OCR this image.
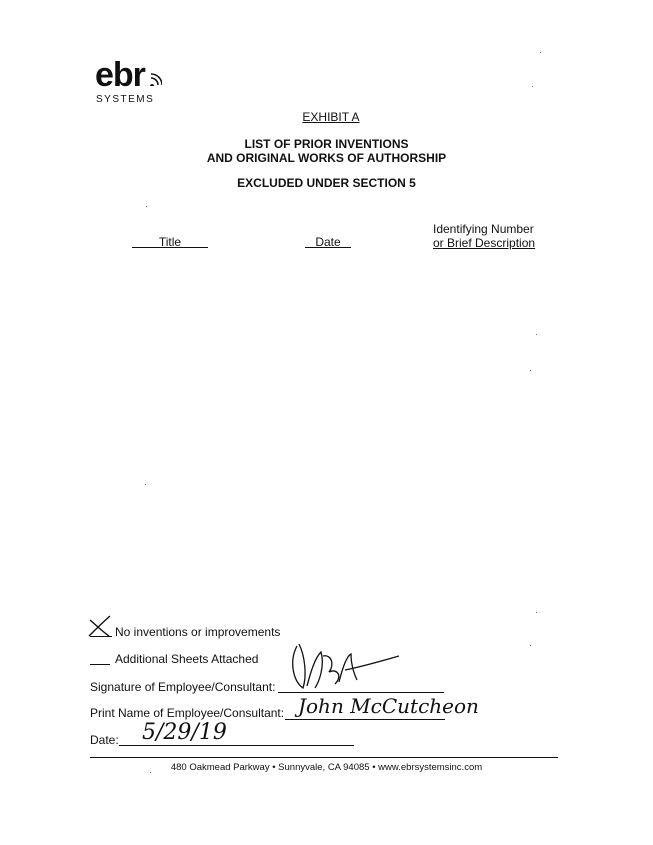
ebr
SYSTEMS
EXHIBIT A
LIST OF PRIOR INVENTIONS
AND ORIGINAL WORKS OF AUTHORSHIP
EXCLUDED UNDER SECTION 5
Title	Date
Identifying Number
or Brief Description
No inventions or improvements
Additional Sheets Attached
Signature of Employee/Consultant:
Print Name of Employee/Consultant: John McCutcheon
Date: 5/29/19
480 Oakmead Parkway • Sunnyvale, CA 94085 • www.ebrsystemsinc.com
